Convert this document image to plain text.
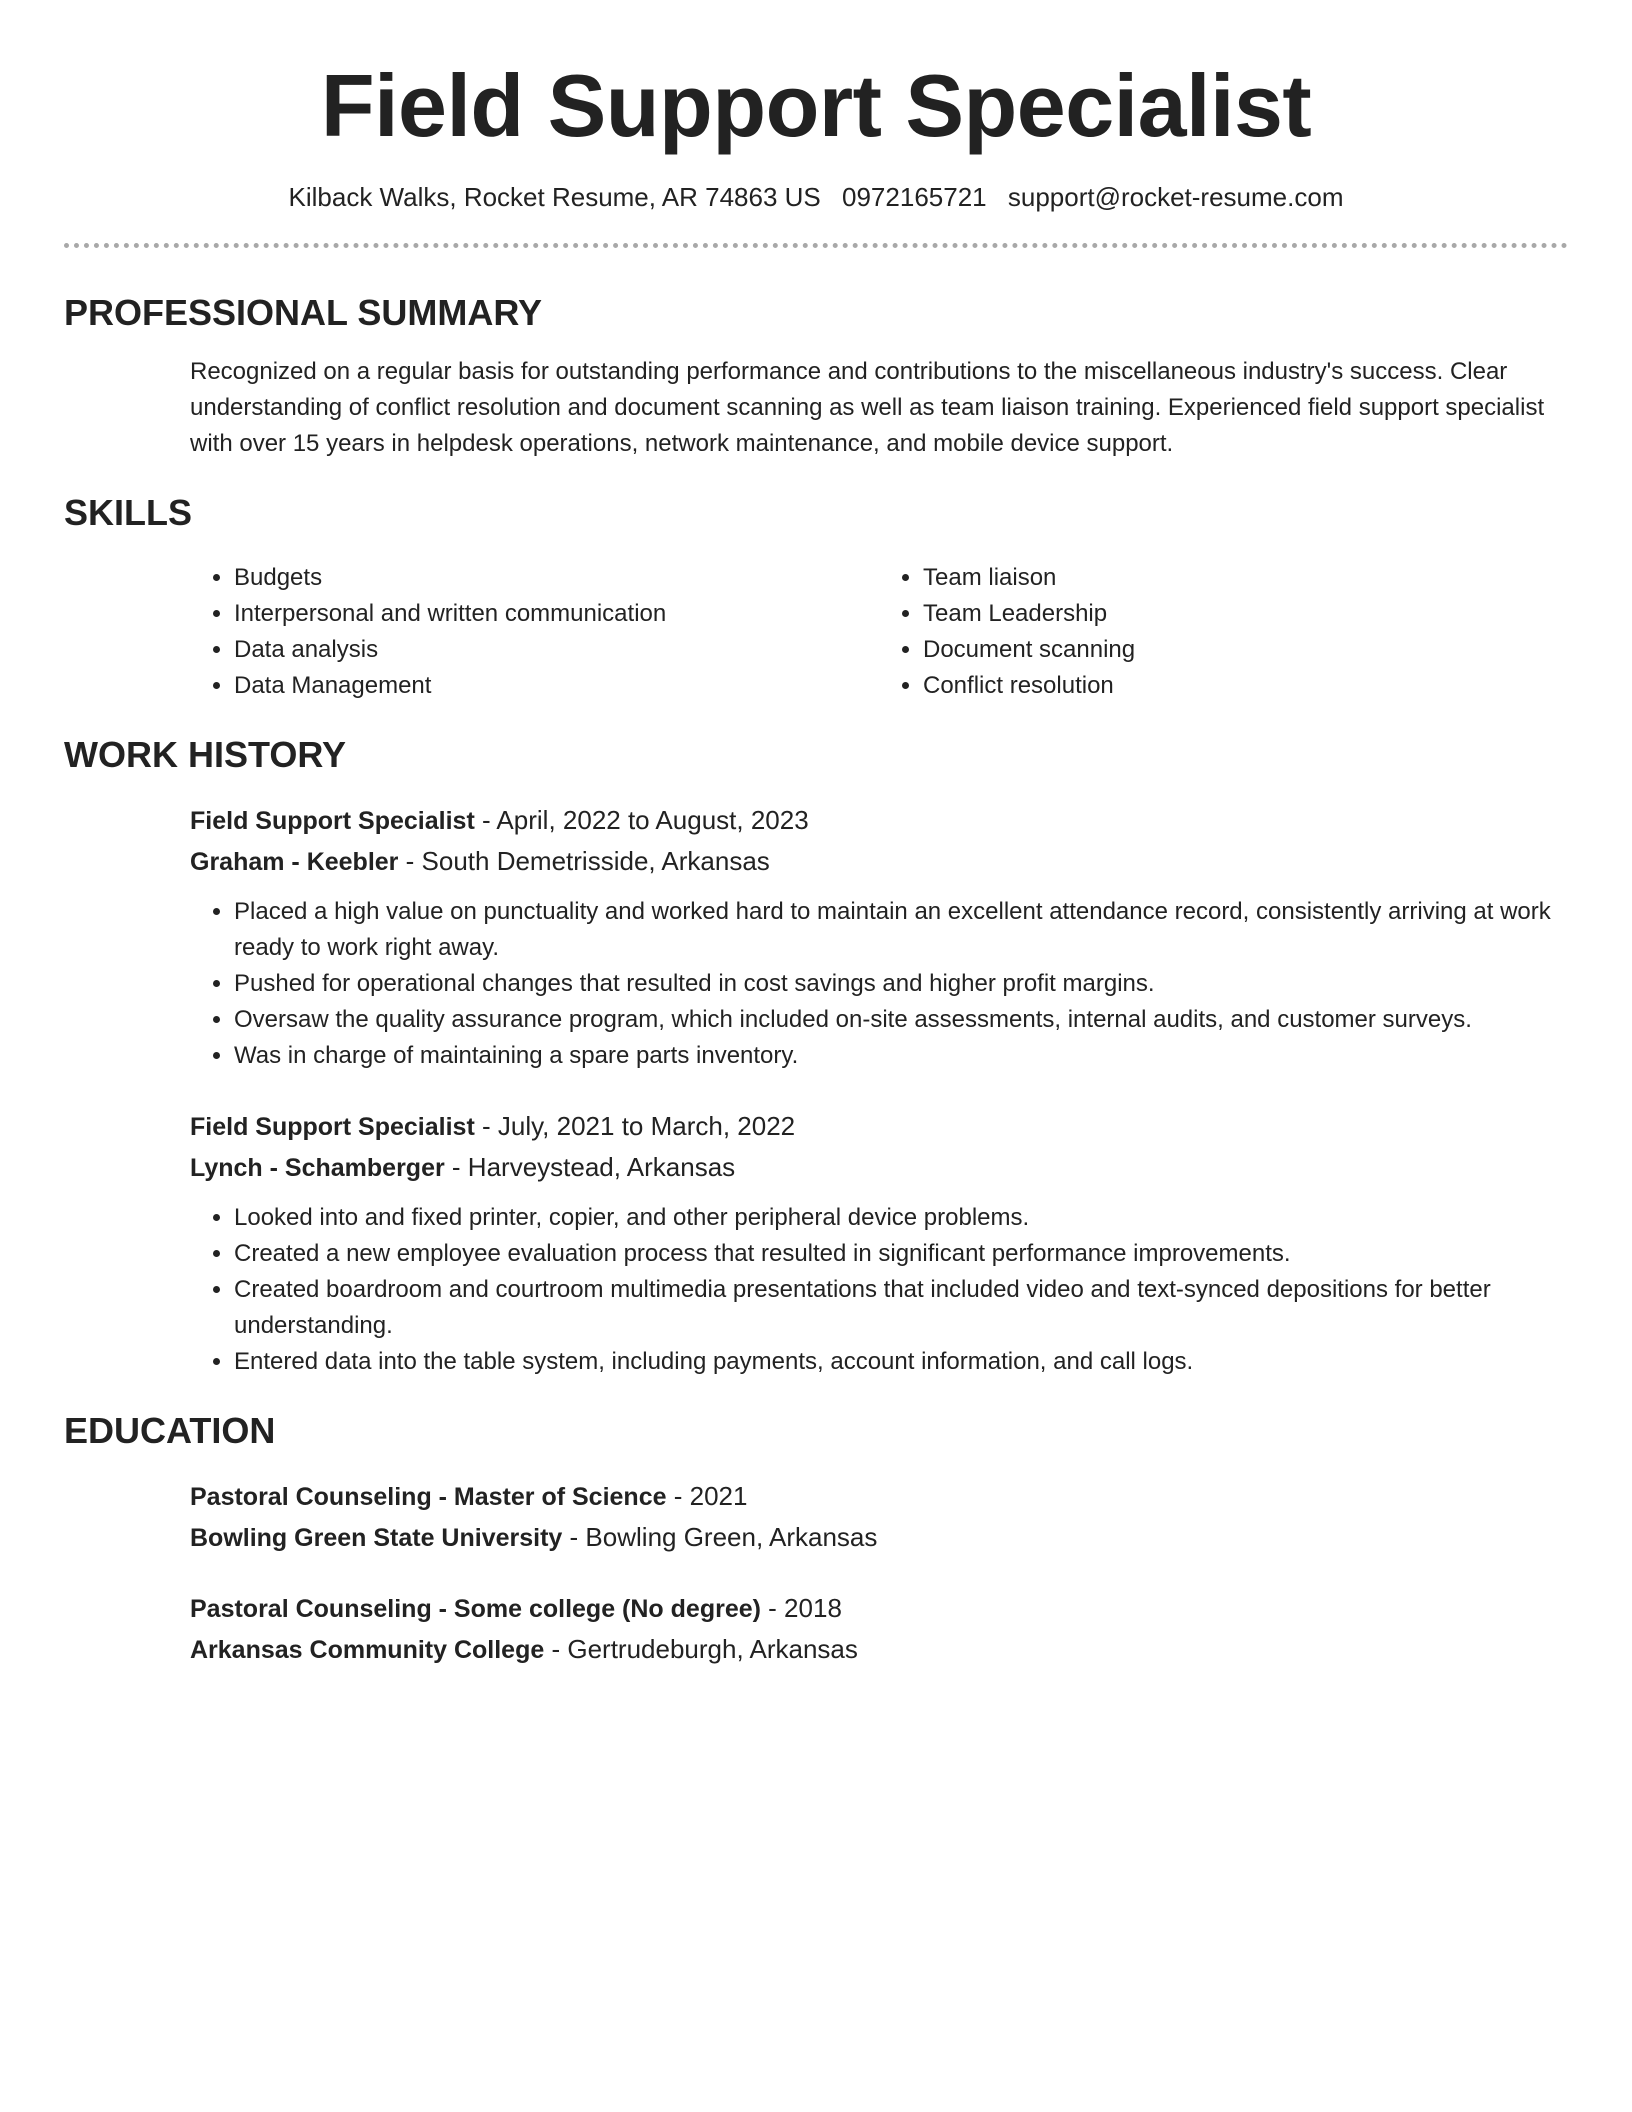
Field Support Specialist
Kilback Walks, Rocket Resume, AR 74863 US 0972165721 support@rocket-resume.com
PROFESSIONAL SUMMARY

Recognized on a regular basis for outstanding performance and contributions to the miscellaneous industry's success. Clear understanding of conflict resolution and document scanning as well as team liaison training. Experienced field support specialist with over 15 years in helpdesk operations, network maintenance, and mobile device support.

SKILLS
• Budgets
• Interpersonal and written communication
• Data analysis
• Data Management
• Team liaison
• Team Leadership
• Document scanning
• Conflict resolution
WORK HISTORY
Field Support Specialist - April, 2022 to August, 2023
Graham - Keebler - South Demetrisside, Arkansas
• Placed a high value on punctuality and worked hard to maintain an excellent attendance record, consistently arriving at work ready to work right away.
• Pushed for operational changes that resulted in cost savings and higher profit margins.
• Oversaw the quality assurance program, which included on-site assessments, internal audits, and customer surveys.
• Was in charge of maintaining a spare parts inventory.
Field Support Specialist - July, 2021 to March, 2022
Lynch - Schamberger - Harveystead, Arkansas
• Looked into and fixed printer, copier, and other peripheral device problems.
• Created a new employee evaluation process that resulted in significant performance improvements.
• Created boardroom and courtroom multimedia presentations that included video and text-synced depositions for better understanding.
• Entered data into the table system, including payments, account information, and call logs.
EDUCATION
Pastoral Counseling - Master of Science - 2021
Bowling Green State University - Bowling Green, Arkansas
Pastoral Counseling - Some college (No degree) - 2018
Arkansas Community College - Gertrudeburgh, Arkansas
